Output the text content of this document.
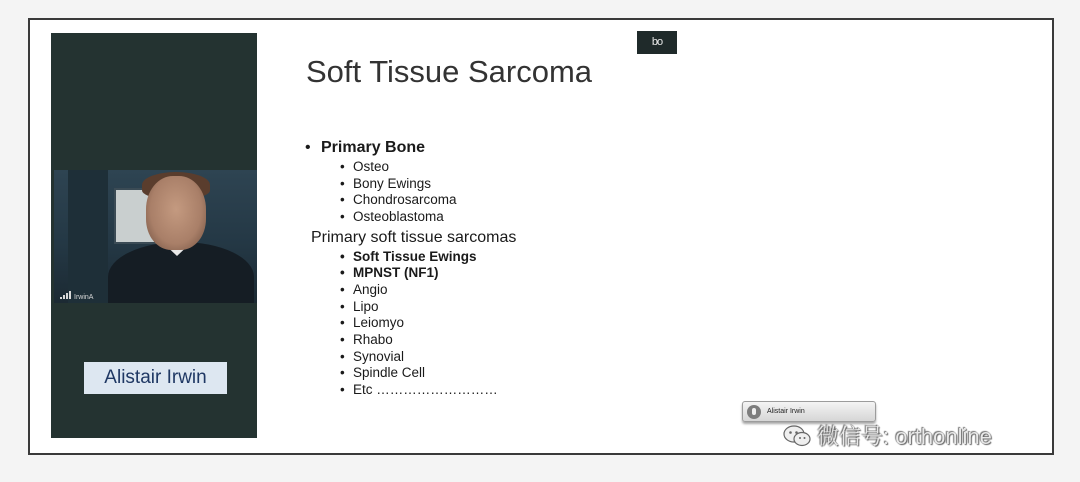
IrwinA
Alistair Irwin
bo
Soft Tissue Sarcoma
• Primary Bone
• Osteo
• Bony Ewings
• Chondrosarcoma
• Osteoblastoma
Primary soft tissue sarcomas
• Soft Tissue Ewings
• MPNST (NF1)
• Angio
• Lipo
• Leiomyo
• Rhabo
• Synovial
• Spindle Cell
• Etc ………………………
Alistair Irwin
微信号: orthonline
